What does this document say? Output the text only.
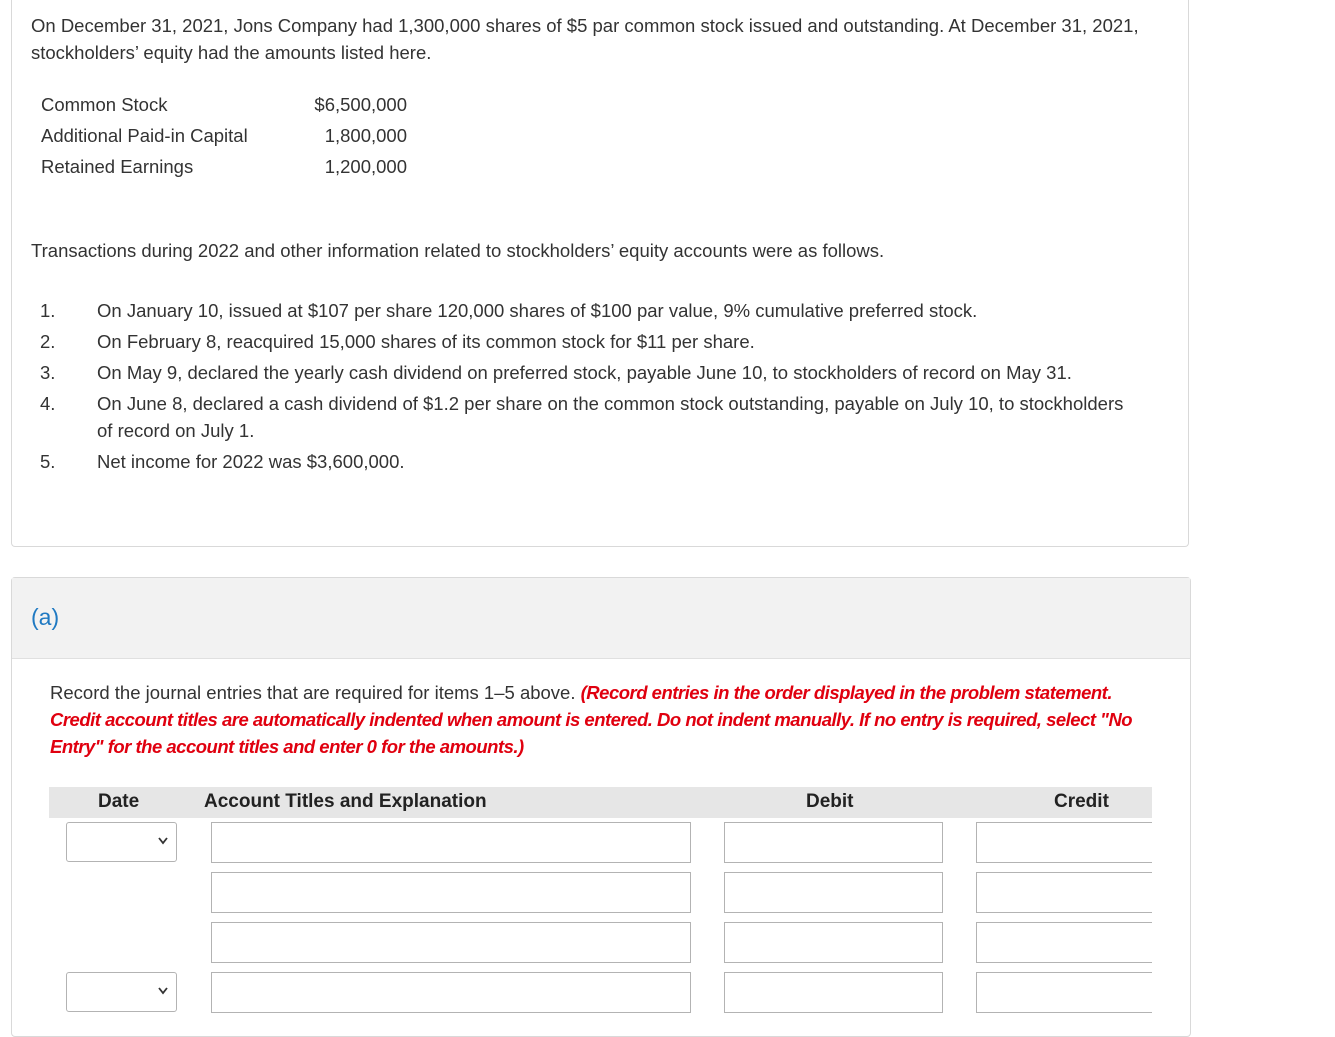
On December 31, 2021, Jons Company had 1,300,000 shares of $5 par common stock issued and outstanding. At December 31, 2021, stockholders’ equity had the amounts listed here.
Common Stock	$6,500,000
Additional Paid-in Capital	1,800,000
Retained Earnings	1,200,000
Transactions during 2022 and other information related to stockholders’ equity accounts were as follows.
1. On January 10, issued at $107 per share 120,000 shares of $100 par value, 9% cumulative preferred stock.
2. On February 8, reacquired 15,000 shares of its common stock for $11 per share.
3. On May 9, declared the yearly cash dividend on preferred stock, payable June 10, to stockholders of record on May 31.
4. On June 8, declared a cash dividend of $1.2 per share on the common stock outstanding, payable on July 10, to stockholders of record on July 1.
5. Net income for 2022 was $3,600,000.
(a)
Record the journal entries that are required for items 1–5 above. (Record entries in the order displayed in the problem statement. Credit account titles are automatically indented when amount is entered. Do not indent manually. If no entry is required, select "No Entry" for the account titles and enter 0 for the amounts.)
Date	Account Titles and Explanation	Debit	Credit
